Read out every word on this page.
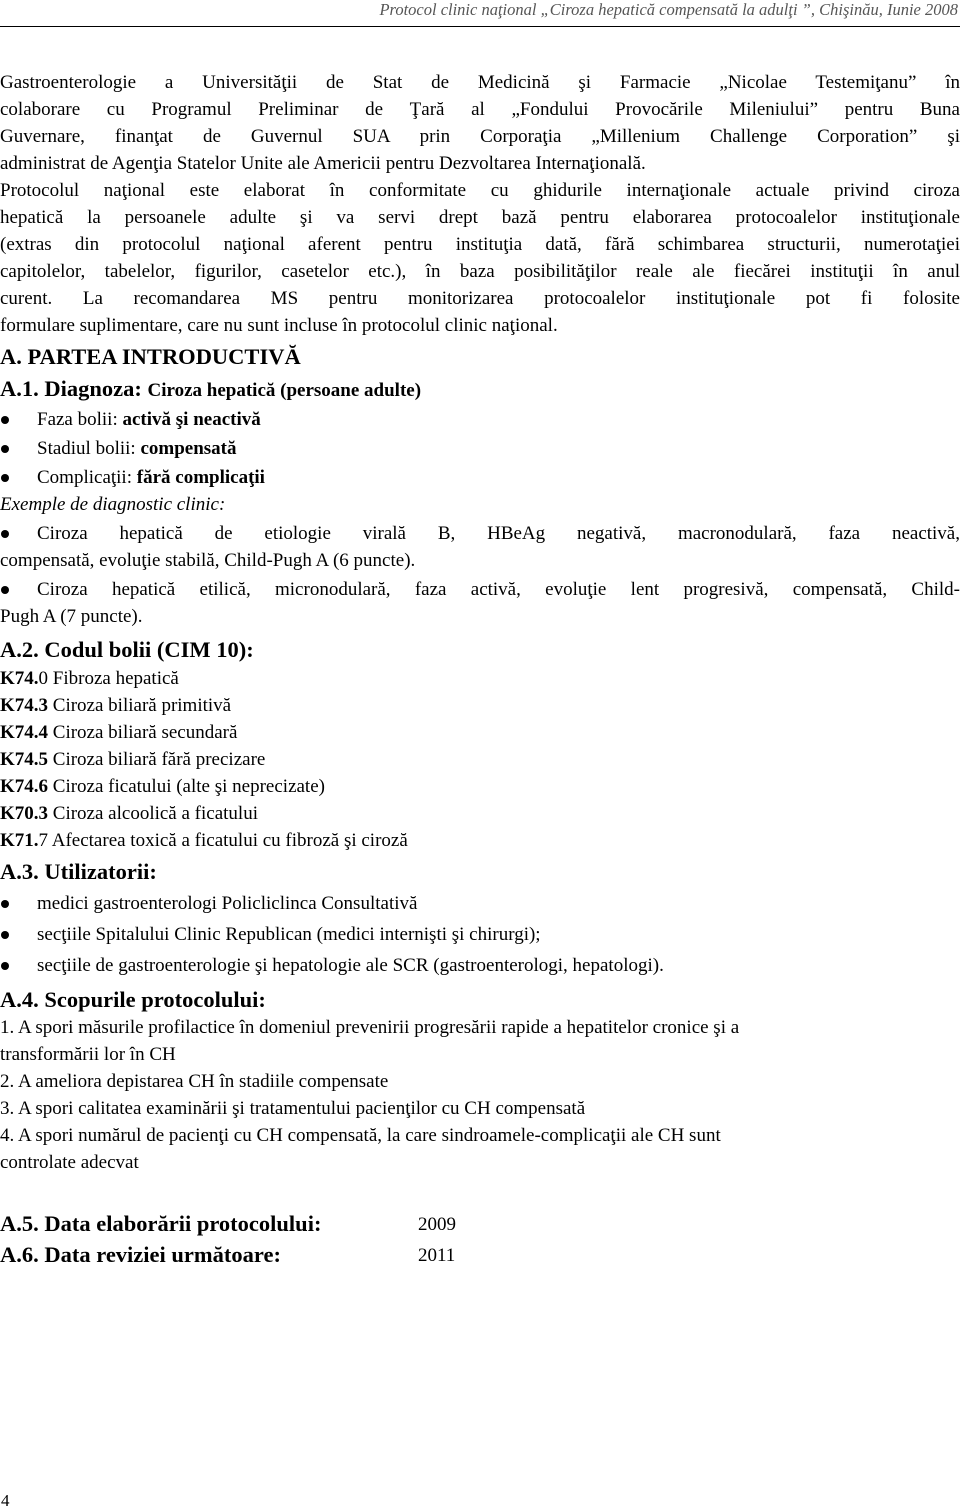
Protocol clinic naţional „Ciroza hepatică compensată la adulţi ”, Chişinău, Iunie 2008

Gastroenterologie a Universităţii de Stat de Medicină şi Farmacie „Nicolae Testemiţanu” în
colaborare cu Programul Preliminar de Ţară al „Fondului Provocările Mileniului” pentru Buna
Guvernare, finanţat de Guvernul SUA prin Corporaţia „Millenium Challenge Corporation” şi
administrat de Agenţia Statelor Unite ale Americii pentru Dezvoltarea Internaţională.
Protocolul naţional este elaborat în conformitate cu ghidurile internaţionale actuale privind ciroza
hepatică la persoanele adulte şi va servi drept bază pentru elaborarea protocoalelor instituţionale
(extras din protocolul naţional aferent pentru instituţia dată, fără schimbarea structurii, numerotaţiei
capitolelor, tabelelor, figurilor, casetelor etc.), în baza posibilităţilor reale ale fiecărei instituţii în anul
curent. La recomandarea MS pentru monitorizarea protocoalelor instituţionale pot fi folosite
formulare suplimentare, care nu sunt incluse în protocolul clinic naţional.

A. PARTEA INTRODUCTIVĂ
A.1. Diagnoza: Ciroza hepatică (persoane adulte)
Faza bolii: activă şi neactivă
Stadiul bolii: compensată
Complicaţii: fără complicaţii

Exemple de diagnostic clinic:

Ciroza hepatică de etiologie virală B, HBeAg negativă, macronodulară, faza neactivă,
compensată, evoluţie stabilă, Child-Pugh A (6 puncte).
Ciroza hepatică etilică, micronodulară, faza activă, evoluţie lent progresivă, compensată, Child-
Pugh A (7 puncte).
A.2. Codul bolii (CIM 10):

K74.0 Fibroza hepatică

K74.3 Ciroza biliară primitivă

K74.4 Ciroza biliară secundară

K74.5 Ciroza biliară fără precizare

K74.6 Ciroza ficatului (alte şi neprecizate)

K70.3 Ciroza alcoolică a ficatului

K71.7 Afectarea toxică a ficatului cu fibroză şi ciroză

A.3. Utilizatorii:
medici gastroenterologi Policliclinca Consultativă
secţiile Spitalului Clinic Republican (medici internişti şi chirurgi);
secţiile de gastroenterologie şi hepatologie ale SCR (gastroenterologi, hepatologi).
A.4. Scopurile protocolului:

1. A spori măsurile profilactice în domeniul prevenirii progresării rapide a hepatitelor cronice şi a
transformării lor în CH

2. A ameliora depistarea CH în stadiile compensate

3. A spori calitatea examinării şi tratamentului pacienţilor cu CH compensată

4. A spori numărul de pacienţi cu CH compensată, la care sindroamele-complicaţii ale CH sunt
controlate adecvat

A.5. Data elaborării protocolului:	2009
A.6. Data reviziei următoare:	2011
4
